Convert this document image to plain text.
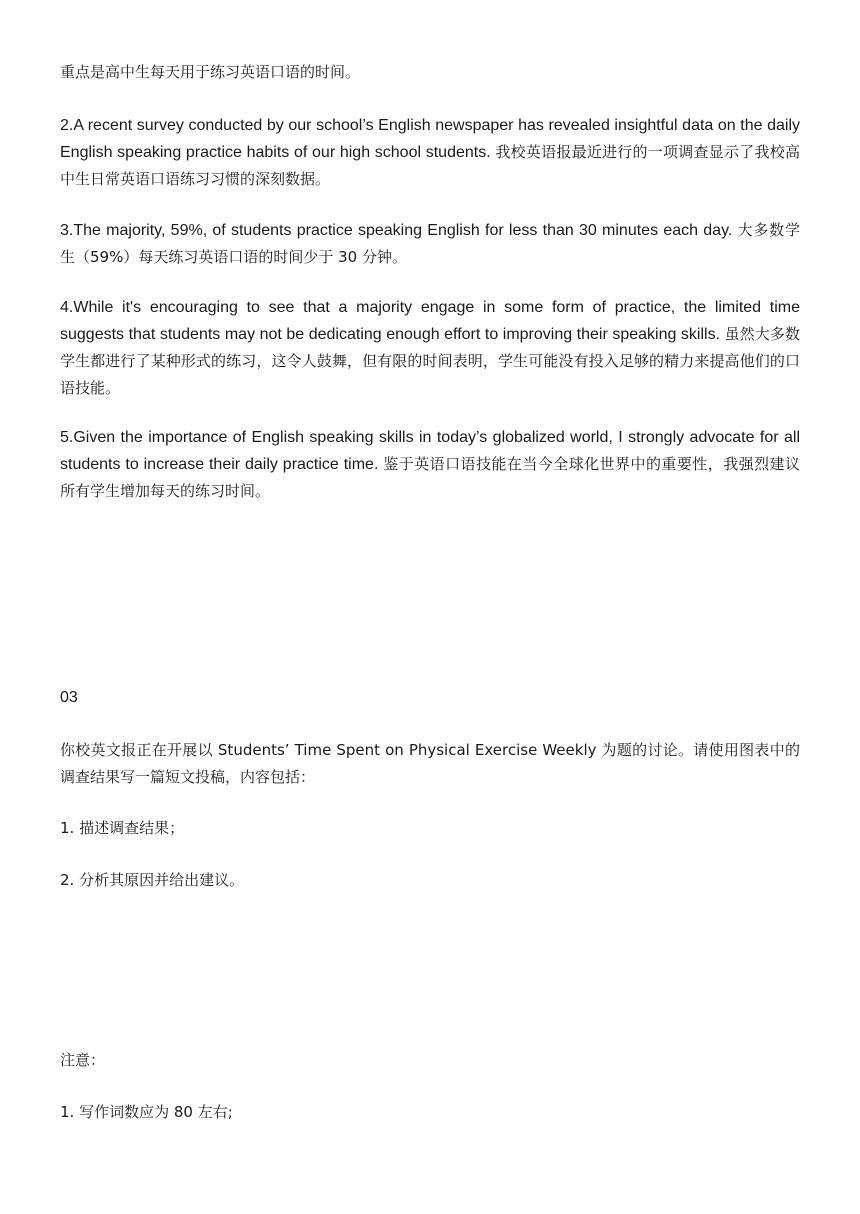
重点是高中生每天用于练习英语口语的时间。

2.A recent survey conducted by our school’s English newspaper has revealed insightful data on the daily English speaking practice habits of our high school students. 我校英语报最近进行的一项调查显示了我校高中生日常英语口语练习习惯的深刻数据。

3.The majority, 59%, of students practice speaking English for less than 30 minutes each day. 大多数学生（59%）每天练习英语口语的时间少于 30 分钟。

4.While it's encouraging to see that a majority engage in some form of practice, the limited time suggests that students may not be dedicating enough effort to improving their speaking skills. 虽然大多数学生都进行了某种形式的练习，这令人鼓舞，但有限的时间表明，学生可能没有投入足够的精力来提高他们的口语技能。

5.Given the importance of English speaking skills in today’s globalized world, I strongly advocate for all students to increase their daily practice time. 鉴于英语口语技能在当今全球化世界中的重要性，我强烈建议所有学生增加每天的练习时间。

03

你校英文报正在开展以 Students’ Time Spent on Physical Exercise Weekly 为题的讨论。请使用图表中的调查结果写一篇短文投稿，内容包括：

1. 描述调查结果；

2. 分析其原因并给出建议。

注意：

1. 写作词数应为 80 左右;
